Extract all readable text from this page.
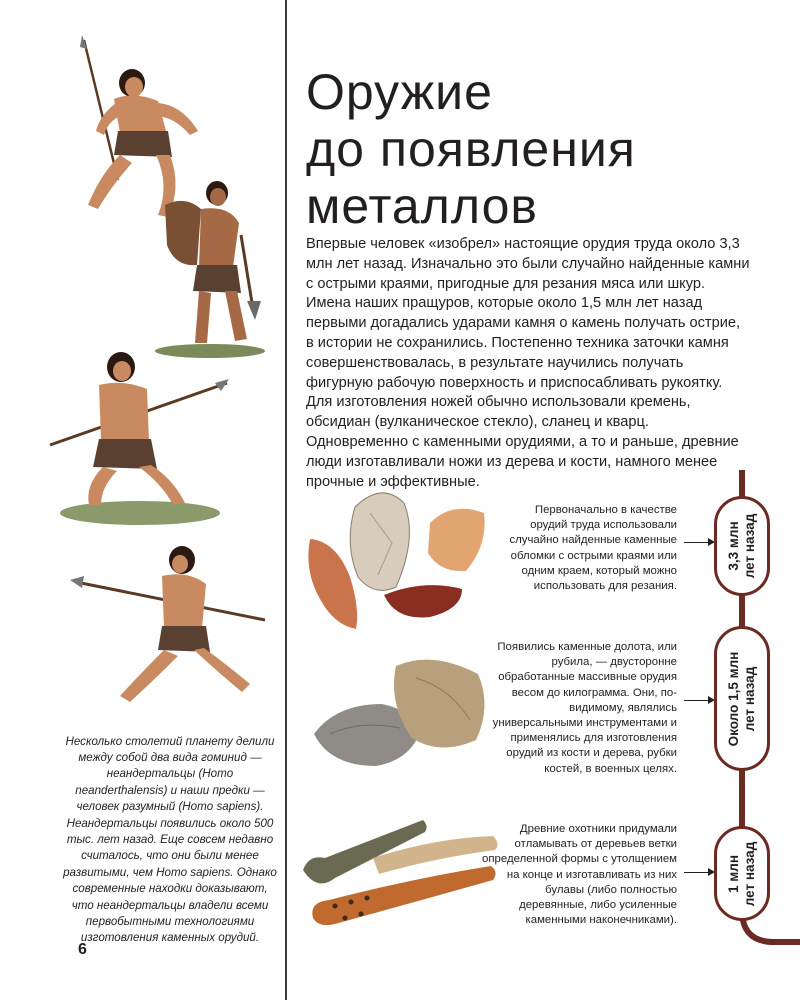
Несколько столетий планету делили между собой два вида гоминид — неандертальцы (Homo neanderthalensis) и наши предки — человек разумный (Homo sapiens). Неандертальцы появились около 500 тыс. лет назад. Еще совсем недавно считалось, что они были менее развитыми, чем Homo sapiens. Однако современные находки доказывают, что неандертальцы владели всеми первобытными технологиями изготовления каменных орудий.

6
Оружие
до появления
металлов

Впервые человек «изобрел» настоящие орудия труда около 3,3 млн лет назад. Изначально это были случайно найденные камни с острыми краями, пригодные для резания мяса или шкур. Имена наших пращуров, которые около 1,5 млн лет назад первыми догадались ударами камня о камень получать острие, в истории не сохранились. Постепенно техника заточки камня совершенствовалась, в результате научились получать фигурную рабочую поверхность и приспосабливать рукоятку. Для изготовления ножей обычно использовали кремень, обсидиан (вулканическое стекло), сланец и кварц. Одновременно с каменными орудиями, а то и раньше, древние люди изготавливали ножи из дерева и кости, намного менее прочные и эффективные.

Первоначально в качестве орудий труда использовали случайно найденные каменные обломки с острыми краями или одним краем, который можно использовать для резания.

3,3 млн
лет назад

Появились каменные долота, или рубила, — двусторонне обработанные массивные орудия весом до килограмма. Они, по-видимому, являлись универсальными инструментами и применялись для изготовления орудий из кости и дерева, рубки костей, в военных целях.

Около 1,5 млн
лет назад

Древние охотники придумали отламывать от деревьев ветки определенной формы с утолщением на конце и изготавливать из них булавы (либо полностью деревянные, либо усиленные каменными наконечниками).

1 млн
лет назад
